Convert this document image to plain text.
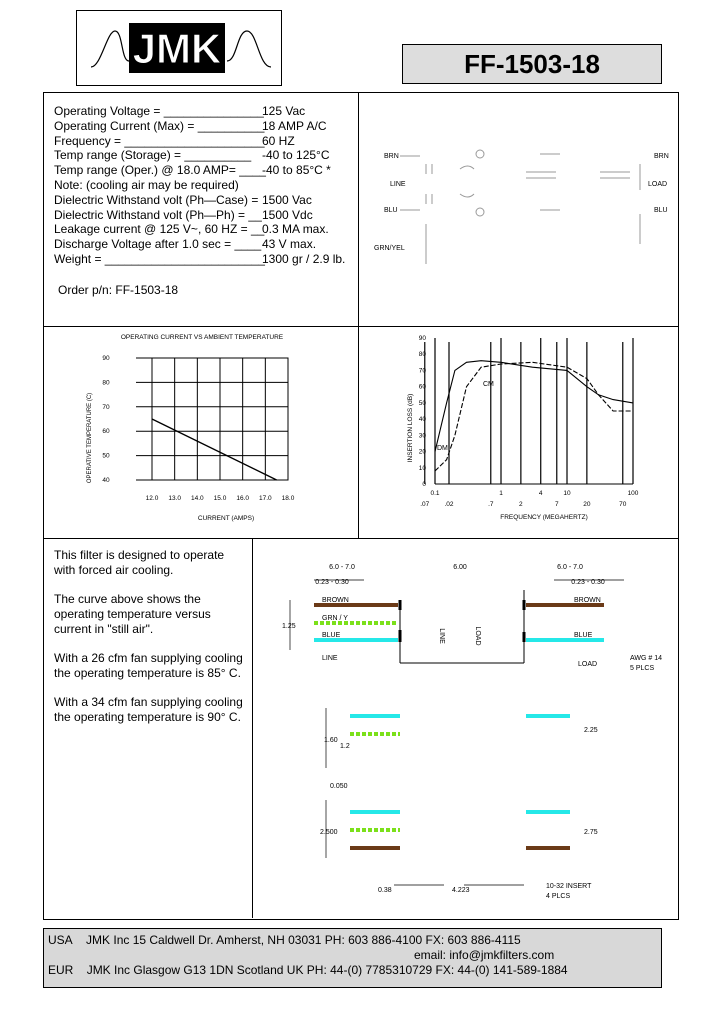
JMK	FF-1503-18
Operating Voltage = _______________
125 Vac
Operating Current (Max) = __________
18 AMP A/C
Frequency = _____________________
60 HZ
Temp range (Storage) = __________ -40 to 125°C
Temp range (Oper.) @ 18.0 AMP= ____
-40 to 85°C *
Note: (cooling air may be required)
Dielectric Withstand volt (Ph—Case) = 1500 Vac
Dielectric Withstand volt (Ph—Ph) = __ 1500 Vdc
Leakage current @ 125 V~, 60 HZ = __
0.3 MA max.
Discharge Voltage after 1.0 sec = ____ 43 V max.
Weight = ________________________
1300 gr / 2.9 lb.
Order p/n: FF-1503-18
BRN
LINE
BLU
GRN/YEL
BRN
LOAD
BLU
OPERATING CURRENT VS AMBIENT TEMPERATURE
OPERATIVE TEMPERATURE (C)
CURRENT (AMPS)
12.0 13.0 14.0 15.0 16.0 17.0 18.0
90
80
70
60
50
40
INSERTION LOSS (dB)
FREQUENCY (MEGAHERTZ)
90
80
70
60
50
40
30
20
10
0
0.1	1	4	10	100
.02
.07	.7	2	7	20	70
CM
DM

This filter is designed to operate with forced air cooling.

The curve above shows the operating temperature versus current in "still air".

With a 26 cfm fan supplying cooling the operating temperature is 85° C.

With a 34 cfm fan supplying cooling the operating temperature is 90° C.

6.0 - 7.0	6.00	6.0 - 7.0
0.23 - 0.30	0.23 - 0.30
BROWN
GRN / Y
BLUE
LINE
BROWN
BLUE
LOAD
1.25
AWG # 14
5 PLCS
LINE	LOAD
1.60
1.2
2.25
0.050
2.500	2.75
0.38	4.223
10-32 INSERT
4 PLCS
USA JMK Inc 15 Caldwell Dr. Amherst, NH 03031 PH: 603 886-4100 FX: 603 886-4115
email: info@jmkfilters.com
EUR JMK Inc Glasgow G13 1DN Scotland UK PH: 44-(0) 7785310729 FX: 44-(0) 141-589-1884
